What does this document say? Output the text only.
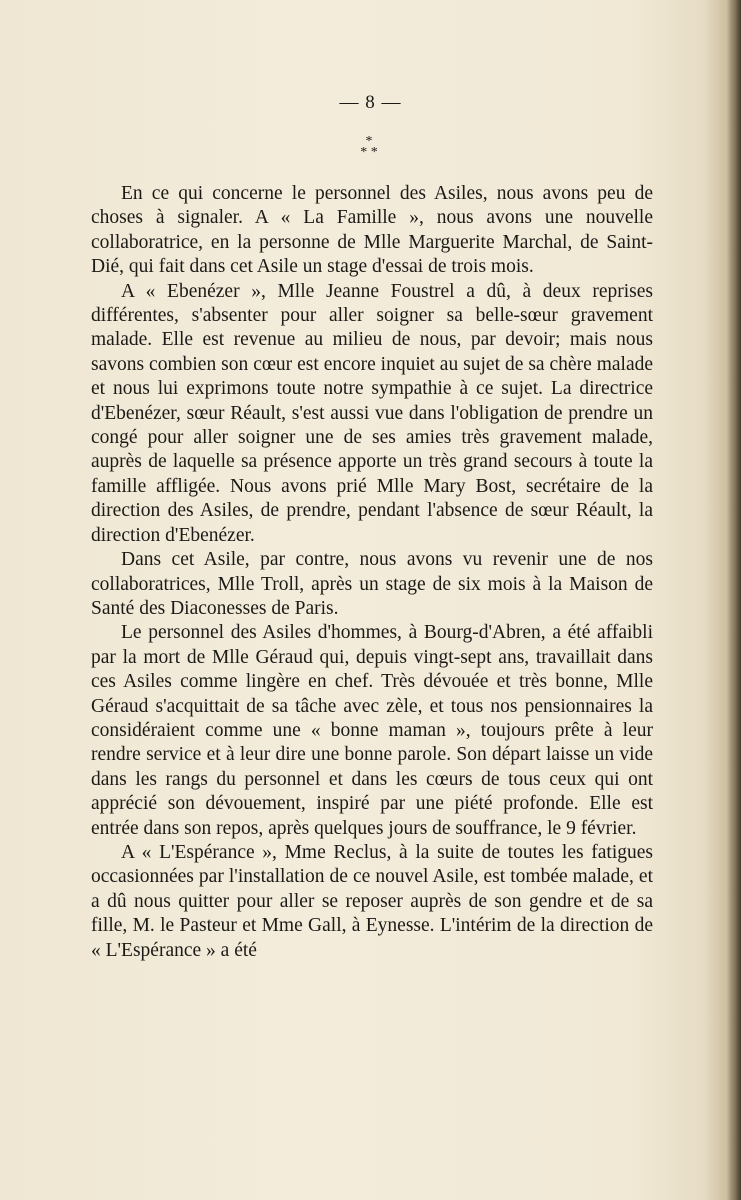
— 8 —
*
* *

En ce qui concerne le personnel des Asiles, nous avons peu de choses à signaler. A « La Famille », nous avons une nouvelle collaboratrice, en la personne de Mlle Marguerite Marchal, de Saint-Dié, qui fait dans cet Asile un stage d'essai de trois mois.

A « Ebenézer », Mlle Jeanne Foustrel a dû, à deux reprises différentes, s'absenter pour aller soigner sa belle-sœur gravement malade. Elle est revenue au milieu de nous, par devoir; mais nous savons combien son cœur est encore inquiet au sujet de sa chère malade et nous lui exprimons toute notre sympathie à ce sujet. La directrice d'Ebenézer, sœur Réault, s'est aussi vue dans l'obligation de prendre un congé pour aller soigner une de ses amies très gravement malade, auprès de laquelle sa présence apporte un très grand secours à toute la famille affligée. Nous avons prié Mlle Mary Bost, secrétaire de la direction des Asiles, de prendre, pendant l'absence de sœur Réault, la direction d'Ebenézer.

Dans cet Asile, par contre, nous avons vu revenir une de nos collaboratrices, Mlle Troll, après un stage de six mois à la Maison de Santé des Diaconesses de Paris.

Le personnel des Asiles d'hommes, à Bourg-d'Abren, a été affaibli par la mort de Mlle Géraud qui, depuis vingt-sept ans, travaillait dans ces Asiles comme lingère en chef. Très dévouée et très bonne, Mlle Géraud s'acquittait de sa tâche avec zèle, et tous nos pensionnaires la considéraient comme une « bonne maman », toujours prête à leur rendre service et à leur dire une bonne parole. Son départ laisse un vide dans les rangs du personnel et dans les cœurs de tous ceux qui ont apprécié son dévouement, inspiré par une piété profonde. Elle est entrée dans son repos, après quelques jours de souffrance, le 9 février.

A « L'Espérance », Mme Reclus, à la suite de toutes les fatigues occasionnées par l'installation de ce nouvel Asile, est tombée malade, et a dû nous quitter pour aller se reposer auprès de son gendre et de sa fille, M. le Pasteur et Mme Gall, à Eynesse. L'intérim de la direction de « L'Espérance » a été
